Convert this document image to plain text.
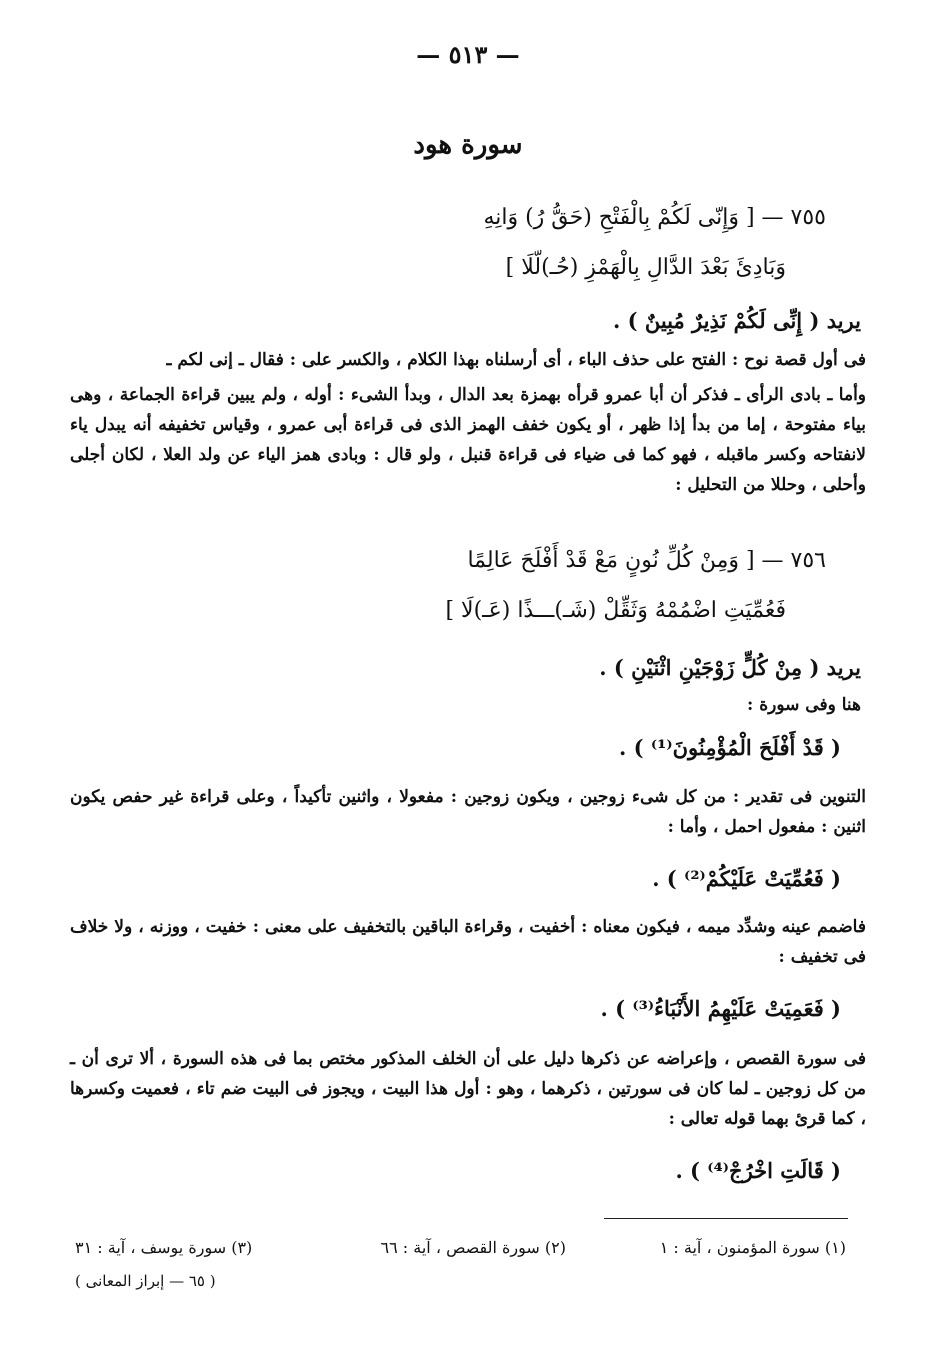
— ٥١٣ —
سورة هود
٧٥٥ — [ وَإِنّى لَكُمْ بِالْفَتْحِ (حَقُّ رُ) وَانِهِ
وَبَادِئَ بَعْدَ الدَّالِ بِالْهَمْزِ (حُـ)لّلَا ]
يريد ( إِنِّى لَكُمْ نَذِيرٌ مُبِينٌ ) .
فى أول قصة نوح : الفتح على حذف الباء ، أى أرسلناه بهذا الكلام ، والكسر على : فقال ـ إنى لكم ـ
وأما ـ بادى الرأى ـ فذكر أن أبا عمرو قرأه بهمزة بعد الدال ، وبدأ الشىء : أوله ، ولم يبين قراءة الجماعة ، وهى بياء مفتوحة ، إما من بدأ إذا ظهر ، أو يكون خفف الهمز الذى فى قراءة أبى عمرو ، وقياس تخفيفه أنه يبدل ياء لانفتاحه وكسر ماقبله ، فهو كما فى ضياء فى قراءة قنبل ، ولو قال : وبادى همز الياء عن ولد العلا ، لكان أجلى وأحلى ، وحللا من التحليل :
٧٥٦ — [ وَمِنْ كُلِّ نُونٍ مَعْ قَدْ أَفْلَحَ عَالِمًا
فَعُمِّيَتِ اضْمُمْهُ وَثَقِّلْ (شَـ)ـــذًا (عَـ)لَا ]
يريد ( مِنْ كُلٍّ زَوْجَيْنِ اثْنَيْنِ ) .
هنا وفى سورة :
( قَدْ أَفْلَحَ الْمُؤْمِنُونَ⁽¹⁾ ) .
التنوين فى تقدير : من كل شىء زوجين ، ويكون زوجين : مفعولا ، واثنين تأكيداً ، وعلى قراءة غير حفص يكون اثنين : مفعول احمل ، وأما :
( فَعُمِّيَتْ عَلَيْكُمْ⁽²⁾ ) .
فاضمم عينه وشدِّد ميمه ، فيكون معناه : أخفيت ، وقراءة الباقين بالتخفيف على معنى : خفيت ، ووزنه ، ولا خلاف فى تخفيف :
( فَعَمِيَتْ عَلَيْهِمُ الأَنْبَاءُ⁽³⁾ ) .
فى سورة القصص ، وإعراضه عن ذكرها دليل على أن الخلف المذكور مختص بما فى هذه السورة ، ألا ترى أن ـ من كل زوجين ـ لما كان فى سورتين ، ذكرهما ، وهو : أول هذا البيت ، ويجوز فى البيت ضم تاء ، فعميت وكسرها ، كما قرئ بهما قوله تعالى :
( قَالَتِ اخْرُجْ⁽⁴⁾ ) .
(١) سورة المؤمنون ، آية : ١
(٢) سورة القصص ، آية : ٦٦
(٣) سورة يوسف ، آية : ٣١
( ٦٥ — إبراز المعانى )
